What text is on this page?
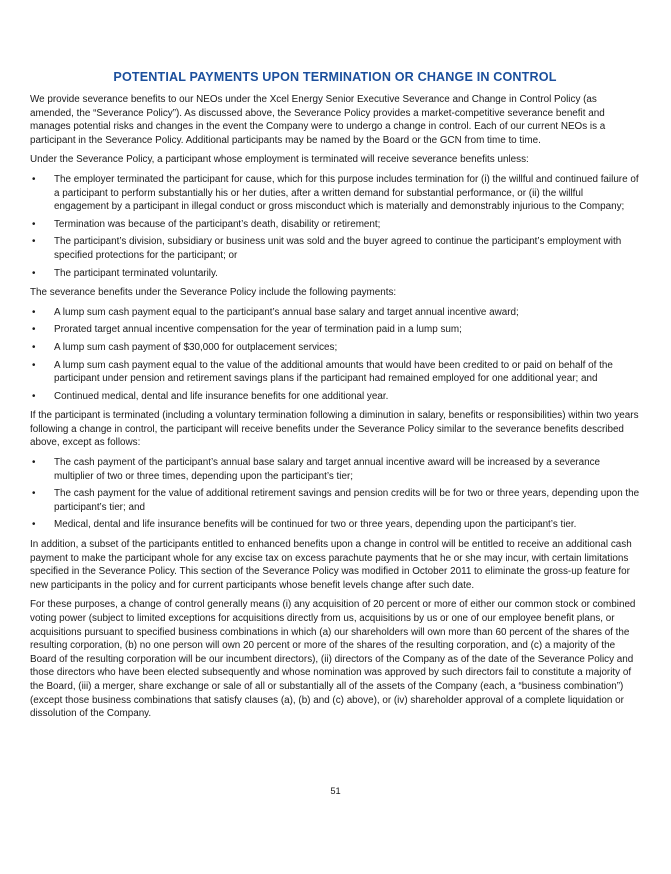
POTENTIAL PAYMENTS UPON TERMINATION OR CHANGE IN CONTROL

We provide severance benefits to our NEOs under the Xcel Energy Senior Executive Severance and Change in Control Policy (as amended, the “Severance Policy”). As discussed above, the Severance Policy provides a market-competitive severance benefit and manages potential risks and changes in the event the Company were to undergo a change in control. Each of our current NEOs is a participant in the Severance Policy. Additional participants may be named by the Board or the GCN from time to time.

Under the Severance Policy, a participant whose employment is terminated will receive severance benefits unless:

• The employer terminated the participant for cause, which for this purpose includes termination for (i) the willful and continued failure of a participant to perform substantially his or her duties, after a written demand for substantial performance, or (ii) the willful engagement by a participant in illegal conduct or gross misconduct which is materially and demonstrably injurious to the Company;
• Termination was because of the participant’s death, disability or retirement;
• The participant’s division, subsidiary or business unit was sold and the buyer agreed to continue the participant’s employment with specified protections for the participant; or
• The participant terminated voluntarily.

The severance benefits under the Severance Policy include the following payments:

• A lump sum cash payment equal to the participant’s annual base salary and target annual incentive award;
• Prorated target annual incentive compensation for the year of termination paid in a lump sum;
• A lump sum cash payment of $30,000 for outplacement services;
• A lump sum cash payment equal to the value of the additional amounts that would have been credited to or paid on behalf of the participant under pension and retirement savings plans if the participant had remained employed for one additional year; and
• Continued medical, dental and life insurance benefits for one additional year.

If the participant is terminated (including a voluntary termination following a diminution in salary, benefits or responsibilities) within two years following a change in control, the participant will receive benefits under the Severance Policy similar to the severance benefits described above, except as follows:

• The cash payment of the participant’s annual base salary and target annual incentive award will be increased by a severance multiplier of two or three times, depending upon the participant’s tier;
• The cash payment for the value of additional retirement savings and pension credits will be for two or three years, depending upon the participant’s tier; and
• Medical, dental and life insurance benefits will be continued for two or three years, depending upon the participant’s tier.

In addition, a subset of the participants entitled to enhanced benefits upon a change in control will be entitled to receive an additional cash payment to make the participant whole for any excise tax on excess parachute payments that he or she may incur, with certain limitations specified in the Severance Policy. This section of the Severance Policy was modified in October 2011 to eliminate the gross-up feature for new participants in the policy and for current participants whose benefit levels change after such date.

For these purposes, a change of control generally means (i) any acquisition of 20 percent or more of either our common stock or combined voting power (subject to limited exceptions for acquisitions directly from us, acquisitions by us or one of our employee benefit plans, or acquisitions pursuant to specified business combinations in which (a) our shareholders will own more than 60 percent of the shares of the resulting corporation, (b) no one person will own 20 percent or more of the shares of the resulting corporation, and (c) a majority of the Board of the resulting corporation will be our incumbent directors), (ii) directors of the Company as of the date of the Severance Policy and those directors who have been elected subsequently and whose nomination was approved by such directors fail to constitute a majority of the Board, (iii) a merger, share exchange or sale of all or substantially all of the assets of the Company (each, a “business combination”) (except those business combinations that satisfy clauses (a), (b) and (c) above), or (iv) shareholder approval of a complete liquidation or dissolution of the Company.

51
